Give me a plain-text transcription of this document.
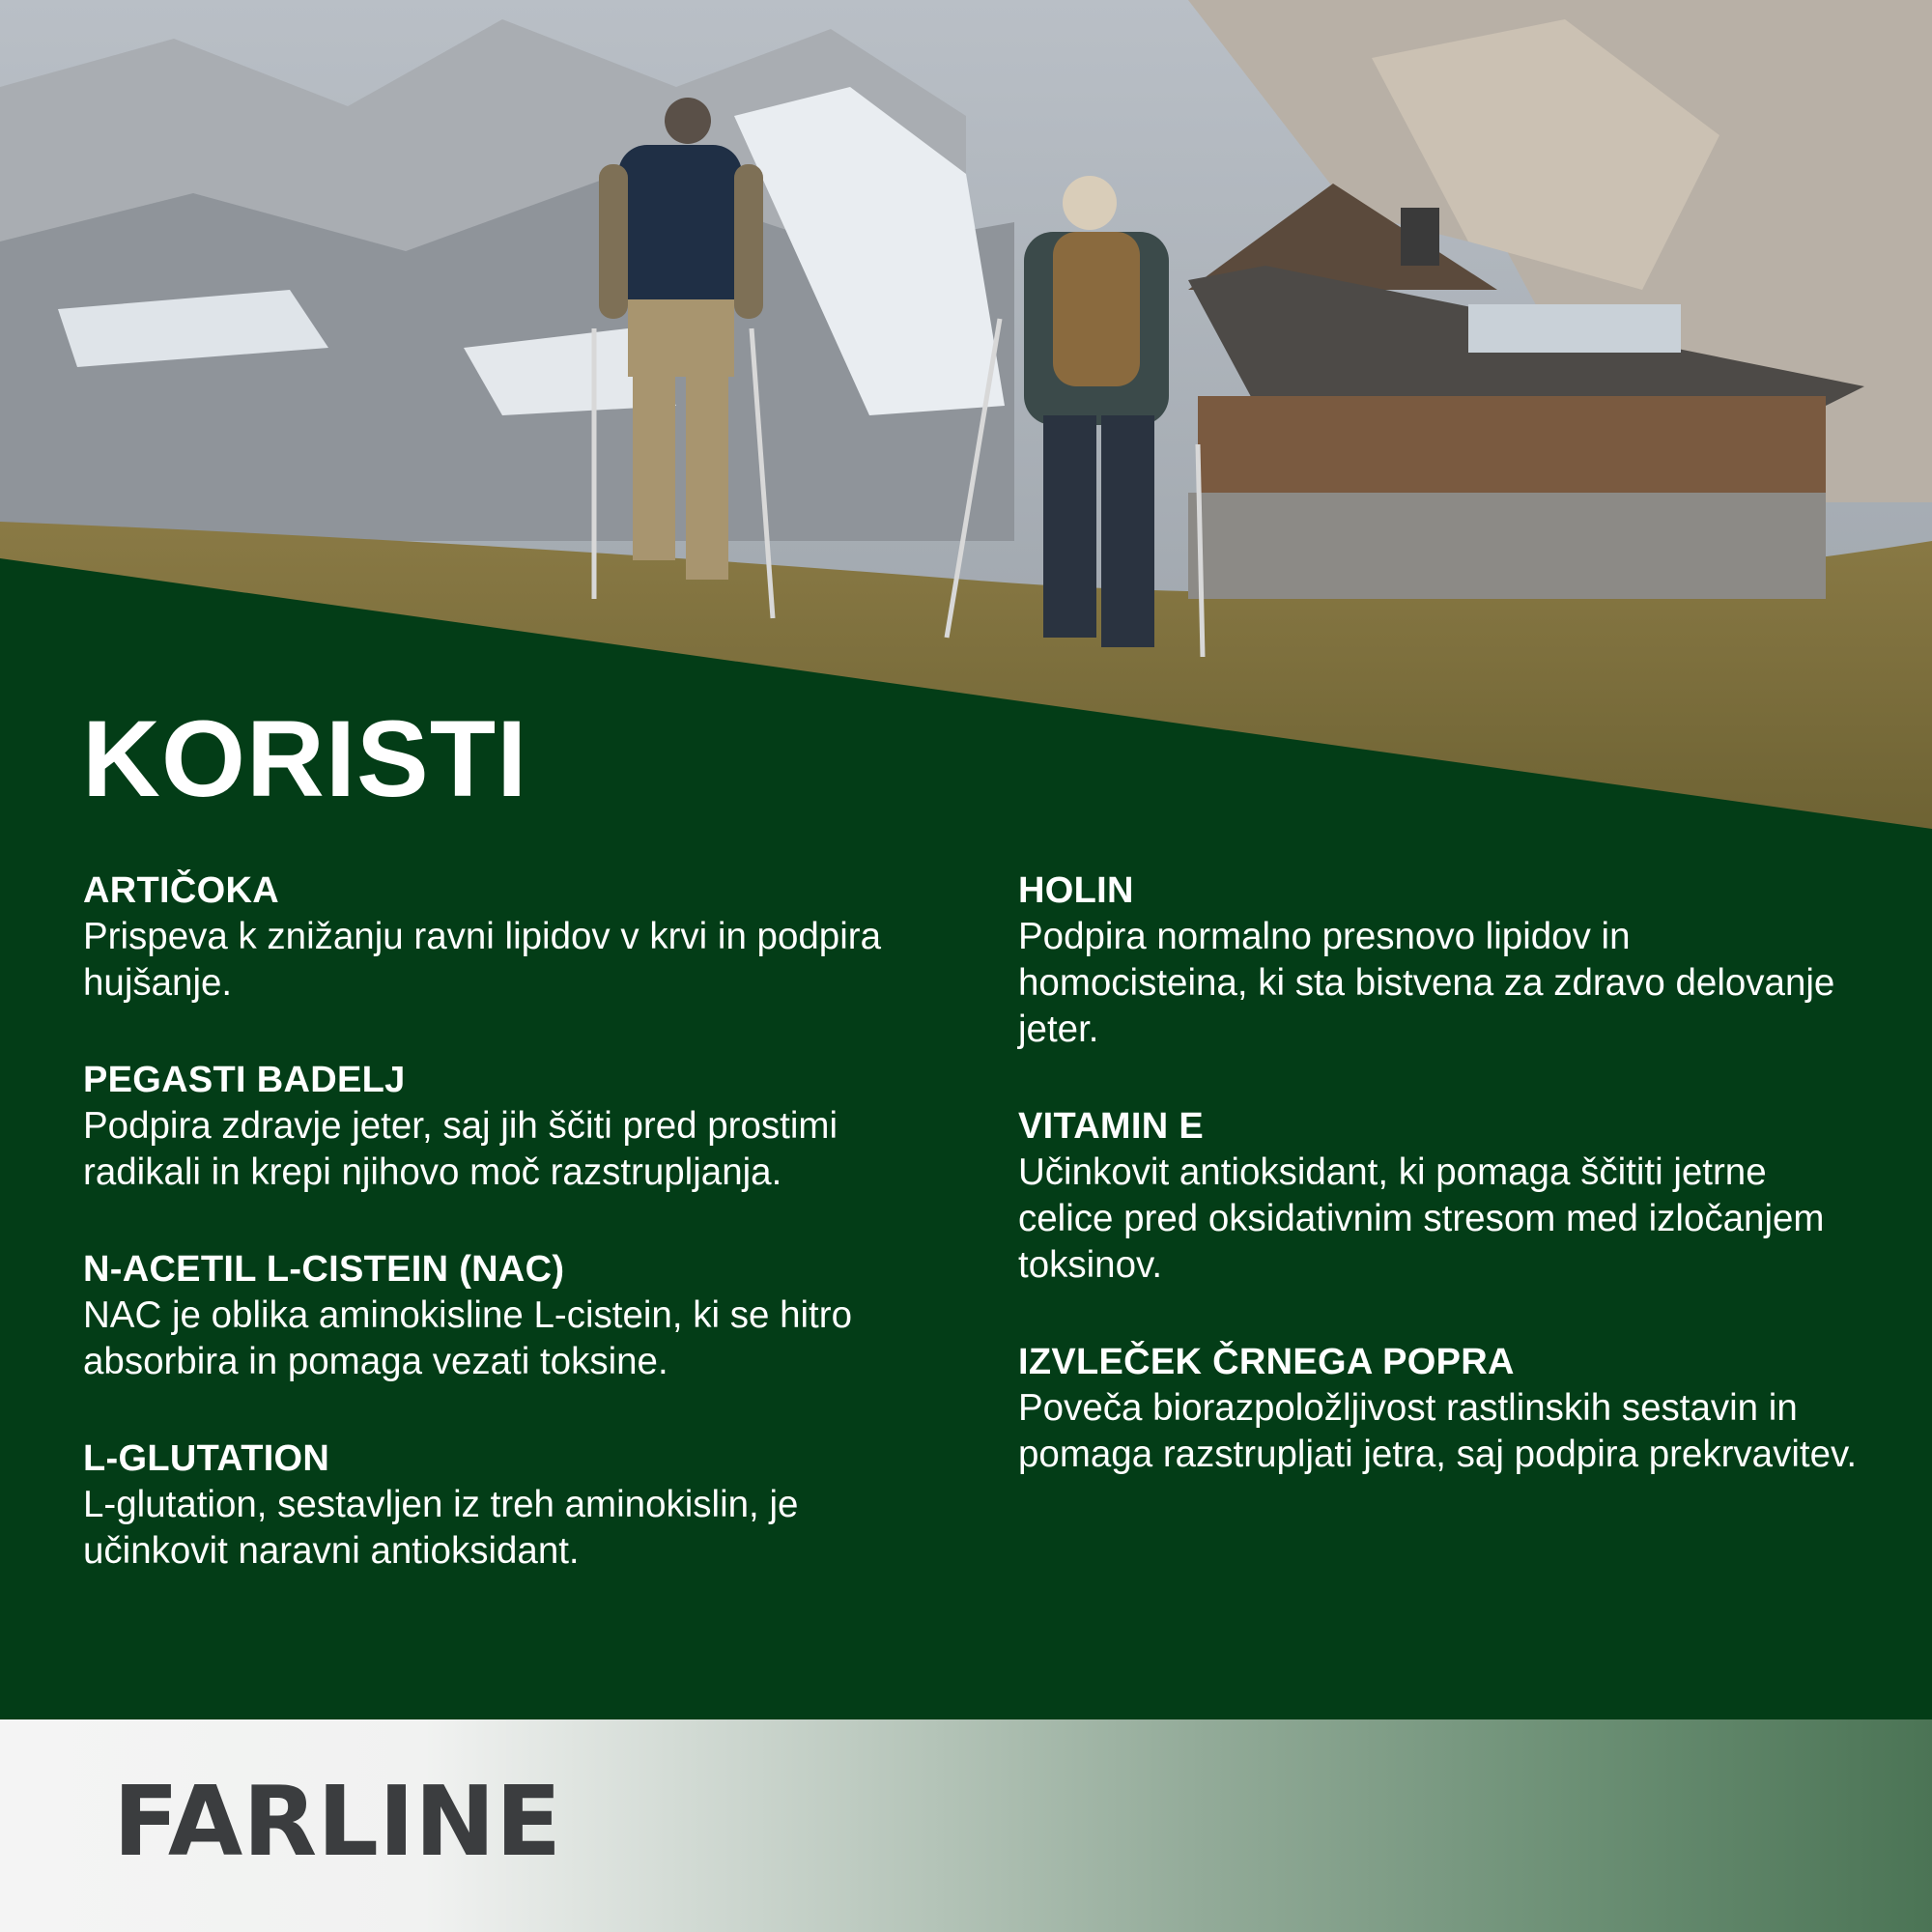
KORISTI
ARTIČOKA
Prispeva k znižanju ravni lipidov v krvi in podpira hujšanje.
PEGASTI BADELJ
Podpira zdravje jeter, saj jih ščiti pred prostimi radikali in krepi njihovo moč razstrupljanja.
N-ACETIL L-CISTEIN (NAC)
NAC je oblika aminokisline L-cistein, ki se hitro absorbira in pomaga vezati toksine.
L-GLUTATION
L-glutation, sestavljen iz treh aminokislin, je učinkovit naravni antioksidant.
HOLIN
Podpira normalno presnovo lipidov in homocisteina, ki sta bistvena za zdravo delovanje jeter.
VITAMIN E
Učinkovit antioksidant, ki pomaga ščititi jetrne celice pred oksidativnim stresom med izločanjem toksinov.
IZVLEČEK ČRNEGA POPRA
Poveča biorazpoložljivost rastlinskih sestavin in pomaga razstrupljati jetra, saj podpira prekrvavitev.
FARLINE
